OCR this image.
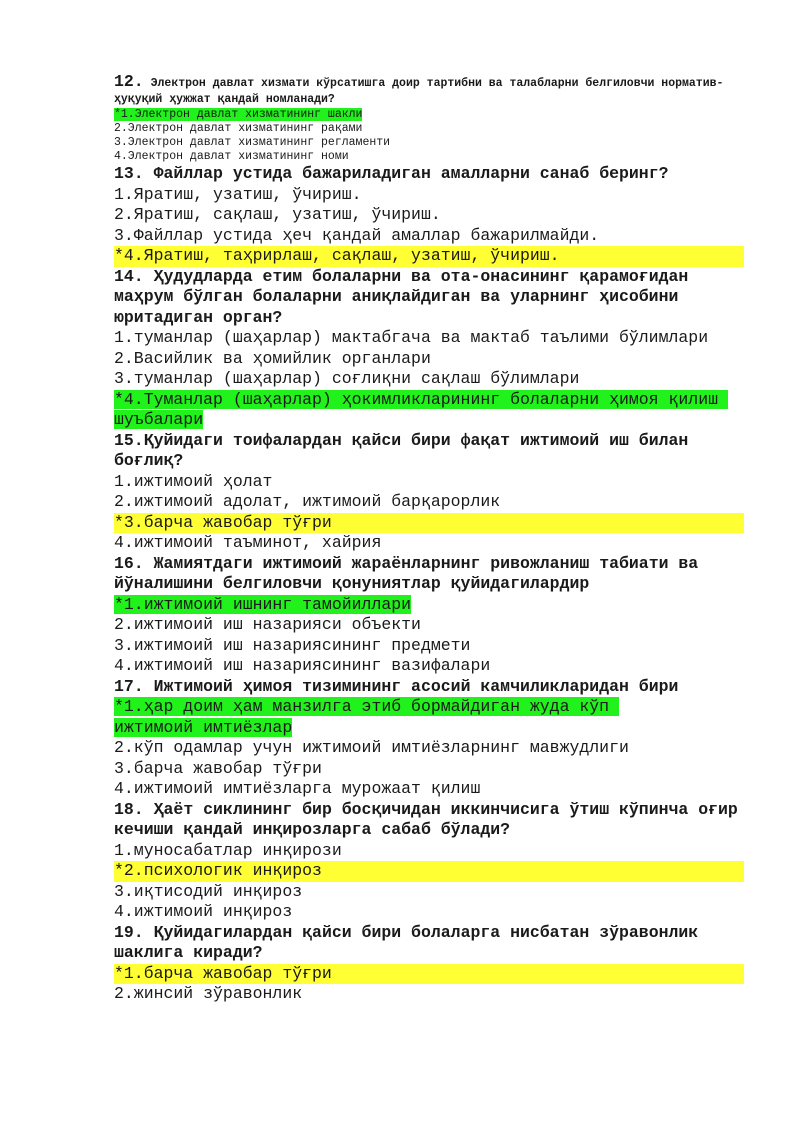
12. Электрон давлат хизмати кўрсатишга доир тартибни ва талабларни белгиловчи норматив- ҳуқуқий ҳужжат қандай номланади?

*1.Электрон давлат хизматининг шакли

2.Электрон давлат хизматининг рақами

3.Электрон давлат хизматининг регламенти

4.Электрон давлат хизматининг номи

13. Файллар устида бажариладиган амалларни санаб беринг?

1.Яратиш, узатиш, ўчириш.

2.Яратиш, сақлаш, узатиш, ўчириш.

3.Файллар устида ҳеч қандай амаллар бажарилмайди.

*4.Яратиш, таҳрирлаш, сақлаш, узатиш, ўчириш.

14. Ҳудудларда етим болаларни ва ота-онасининг қарамоғидан маҳрум бўлган болаларни аниқлайдиган ва уларнинг ҳисобини юритадиган орган?

1.туманлар (шаҳарлар) мактабгача ва мактаб таълими бўлимлари

2.Васийлик ва ҳомийлик органлари

3.туманлар (шаҳарлар) соғлиқни сақлаш бўлимлари

*4.Туманлар (шаҳарлар) ҳокимликларининг болаларни ҳимоя қилиш шуъбалари

15.Қуйидаги тоифалардан қайси бири фақат ижтимоий иш билан боғлиқ?

1.ижтимоий ҳолат

2.ижтимоий адолат, ижтимоий барқарорлик

*3.барча жавобар тўғри

4.ижтимоий таъминот, хайрия

16. Жамиятдаги ижтимоий жараёнларнинг ривожланиш табиати ва йўналишини белгиловчи қонуниятлар қуйидагилардир

*1.ижтимоий ишнинг тамойиллари

2.ижтимоий иш назарияси объекти

3.ижтимоий иш назариясининг предмети

4.ижтимоий иш назариясининг вазифалари

17. Ижтимоий ҳимоя тизимининг асосий камчиликларидан бири

*1.ҳар доим ҳам манзилга этиб бормайдиган жуда кўп ижтимоий имтиёзлар

2.кўп одамлар учун ижтимоий имтиёзларнинг мавжудлиги

3.барча жавобар тўғри

4.ижтимоий имтиёзларга мурожаат қилиш

18. Ҳаёт сиклининг бир босқичидан иккинчисига ўтиш кўпинча оғир кечиши қандай инқирозларга сабаб бўлади?

1.муносабатлар инқирози

*2.психологик инқироз

3.иқтисодий инқироз

4.ижтимоий инқироз

19. Қуйидагилардан қайси бири болаларга нисбатан зўравонлик шаклига киради?

*1.барча жавобар тўғри

2.жинсий зўравонлик
